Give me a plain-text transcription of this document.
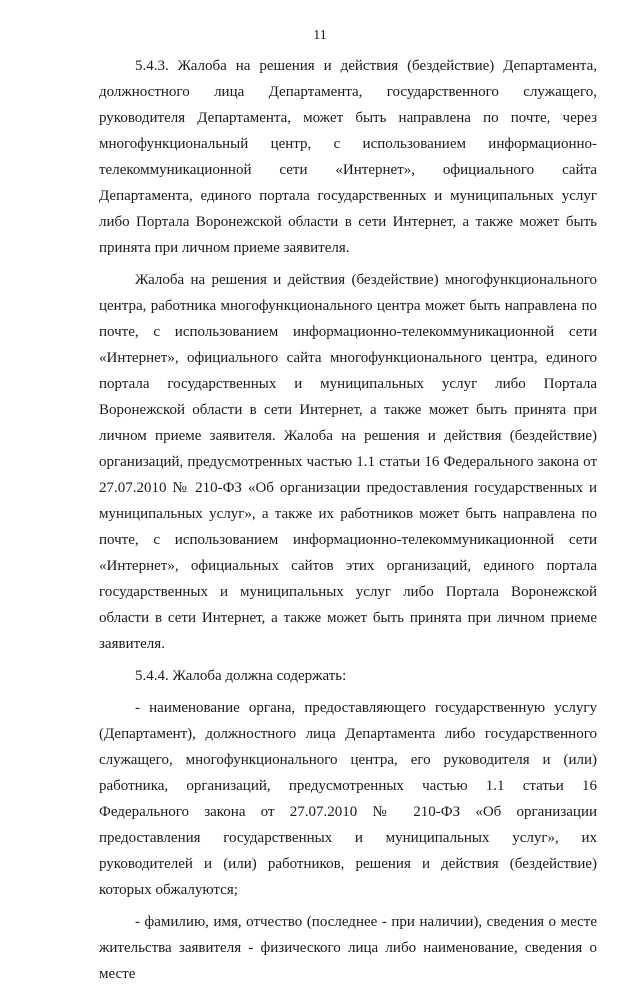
11

5.4.3. Жалоба на решения и действия (бездействие) Департамента, должностного лица Департамента, государственного служащего, руководителя Департамента, может быть направлена по почте, через многофункциональный центр, с использованием информационно-телекоммуникационной сети «Интернет», официального сайта Департамента, единого портала государственных и муниципальных услуг либо Портала Воронежской области в сети Интернет, а также может быть принята при личном приеме заявителя.

Жалоба на решения и действия (бездействие) многофункционального центра, работника многофункционального центра может быть направлена по почте, с использованием информационно-телекоммуникационной сети «Интернет», официального сайта многофункционального центра, единого портала государственных и муниципальных услуг либо Портала Воронежской области в сети Интернет, а также может быть принята при личном приеме заявителя. Жалоба на решения и действия (бездействие) организаций, предусмотренных частью 1.1 статьи 16 Федерального закона от 27.07.2010 № 210-ФЗ «Об организации предоставления государственных и муниципальных услуг», а также их работников может быть направлена по почте, с использованием информационно-телекоммуникационной сети «Интернет», официальных сайтов этих организаций, единого портала государственных и муниципальных услуг либо Портала Воронежской области в сети Интернет, а также может быть принята при личном приеме заявителя.

5.4.4. Жалоба должна содержать:

- наименование органа, предоставляющего государственную услугу (Департамент), должностного лица Департамента либо государственного служащего, многофункционального центра, его руководителя и (или) работника, организаций, предусмотренных частью 1.1 статьи 16 Федерального закона от 27.07.2010 № 210-ФЗ «Об организации предоставления государственных и муниципальных услуг», их руководителей и (или) работников, решения и действия (бездействие) которых обжалуются;

- фамилию, имя, отчество (последнее - при наличии), сведения о месте жительства заявителя - физического лица либо наименование, сведения о месте
